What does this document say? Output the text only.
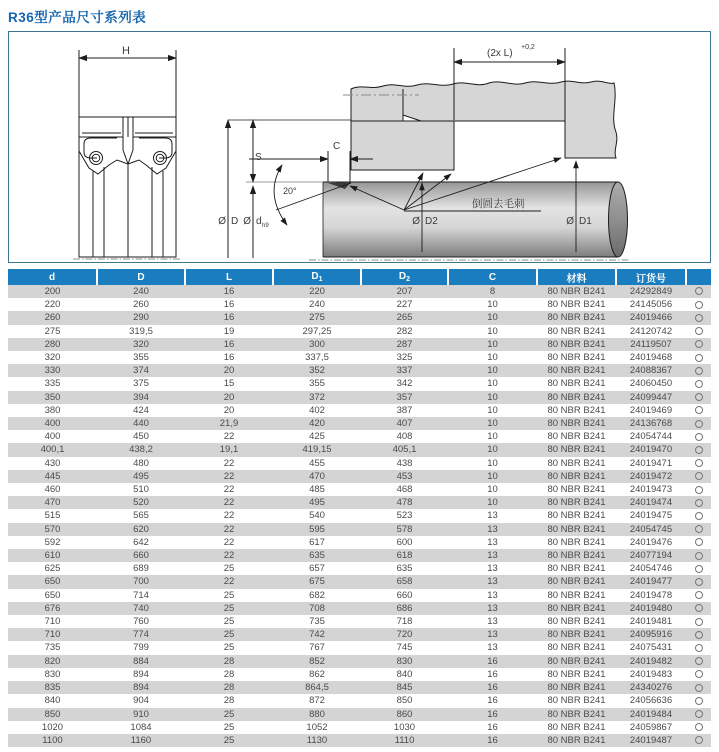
R36型产品尺寸系列表
H	(2x L)
+0,2
20°
C
S
Ø D Ø d h9
倒圆去毛刺
Ø D2	Ø D1
d	D	L	$D_1$	$D_2$	C	材料	订货号	
200	240	16	220	207	8	80 NBR B241	24292849	
220	260	16	240	227	10	80 NBR B241	24145056	
260	290	16	275	265	10	80 NBR B241	24019466	
275	319,5	19	297,25	282	10	80 NBR B241	24120742	
280	320	16	300	287	10	80 NBR B241	24119507	
320	355	16	337,5	325	10	80 NBR B241	24019468	
330	374	20	352	337	10	80 NBR B241	24088367	
335	375	15	355	342	10	80 NBR B241	24060450	
350	394	20	372	357	10	80 NBR B241	24099447	
380	424	20	402	387	10	80 NBR B241	24019469	
400	440	21,9	420	407	10	80 NBR B241	24136768	
400	450	22	425	408	10	80 NBR B241	24054744	
400,1	438,2	19,1	419,15	405,1	10	80 NBR B241	24019470	
430	480	22	455	438	10	80 NBR B241	24019471	
445	495	22	470	453	10	80 NBR B241	24019472	
460	510	22	485	468	10	80 NBR B241	24019473	
470	520	22	495	478	10	80 NBR B241	24019474	
515	565	22	540	523	13	80 NBR B241	24019475	
570	620	22	595	578	13	80 NBR B241	24054745	
592	642	22	617	600	13	80 NBR B241	24019476	
610	660	22	635	618	13	80 NBR B241	24077194	
625	689	25	657	635	13	80 NBR B241	24054746	
650	700	22	675	658	13	80 NBR B241	24019477	
650	714	25	682	660	13	80 NBR B241	24019478	
676	740	25	708	686	13	80 NBR B241	24019480	
710	760	25	735	718	13	80 NBR B241	24019481	
710	774	25	742	720	13	80 NBR B241	24095916	
735	799	25	767	745	13	80 NBR B241	24075431	
820	884	28	852	830	16	80 NBR B241	24019482	
830	894	28	862	840	16	80 NBR B241	24019483	
835	894	28	864,5	845	16	80 NBR B241	24340276	
840	904	28	872	850	16	80 NBR B241	24056636	
850	910	25	880	860	16	80 NBR B241	24019484	
1020	1084	25	1052	1030	16	80 NBR B241	24059867	
1100	1160	25	1130	1110	16	80 NBR B241	24019487	
